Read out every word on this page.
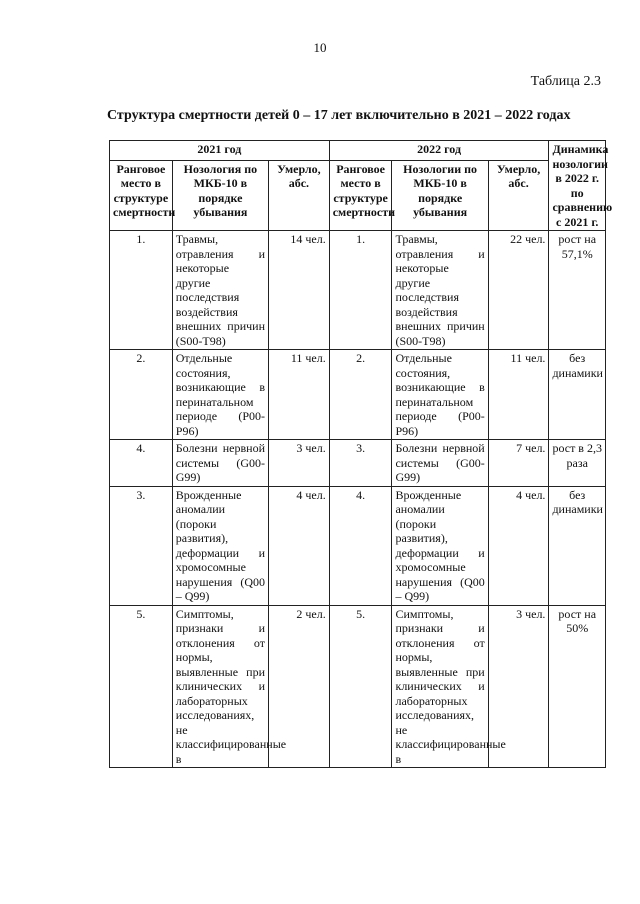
10
Таблица 2.3
Структура смертности детей 0 – 17 лет включительно в 2021 – 2022 годах
2021 год			2022 год			Динамика нозологии в 2022 г. по сравнению с 2021 г.
Ранговое место в структуре смертности	Нозология по МКБ-10 в порядке убывания	Умерло, абс.	Ранговое место в структуре смертности	Нозологии по МКБ-10 в порядке убывания	Умерло, абс.	
1.	Травмы, отравления и некоторые другие последствия воздействия внешних причин (S00-T98)	14 чел.	1.	Травмы, отравления и некоторые другие последствия воздействия внешних причин (S00-T98)	22 чел.	рост на 57,1%
2.	Отдельные состояния, возникающие в перинатальном периоде (P00- P96)	11 чел.	2.	Отдельные состояния, возникающие в перинатальном периоде (P00- P96)	11 чел.	без динамики
4.	Болезни нервной системы (G00-G99)	3 чел.	3.	Болезни нервной системы (G00-G99)	7 чел.	рост в 2,3 раза
3.	Врожденные аномалии (пороки развития), деформации и хромосомные нарушения (Q00 – Q99)	4 чел.	4.	Врожденные аномалии (пороки развития), деформации и хромосомные нарушения (Q00 – Q99)	4 чел.	без динамики
5.	Симптомы, признаки и отклонения от нормы, выявленные при клинических и лабораторных исследованиях, не классифицированные в	2 чел.	5.	Симптомы, признаки и отклонения от нормы, выявленные при клинических и лабораторных исследованиях, не классифицированные в	3 чел.	рост на 50%
